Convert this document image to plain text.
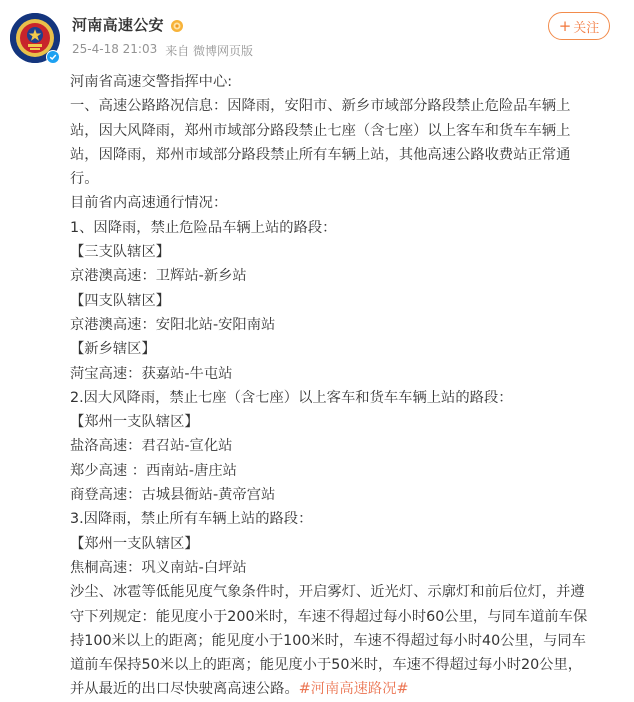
河南高速公安
25-4-18 21:03 来自 微博网页版
+ 关注
河南省高速交警指挥中心:
一、高速公路路况信息：因降雨，安阳市、新乡市域部分路段禁止危险品车辆上
站，因大风降雨，郑州市域部分路段禁止七座（含七座）以上客车和货车车辆上
站，因降雨，郑州市域部分路段禁止所有车辆上站，其他高速公路收费站正常通
行。
目前省内高速通行情况：
1、因降雨，禁止危险品车辆上站的路段：
【三支队辖区】
京港澳高速：卫辉站-新乡站
【四支队辖区】
京港澳高速：安阳北站-安阳南站
【新乡辖区】
菏宝高速：获嘉站-牛屯站
2.因大风降雨，禁止七座（含七座）以上客车和货车车辆上站的路段：
【郑州一支队辖区】
盐洛高速：君召站-宣化站
郑少高速 ：西南站-唐庄站
商登高速：古城县衙站-黄帝宫站
3.因降雨，禁止所有车辆上站的路段：
【郑州一支队辖区】
焦桐高速：巩义南站-白坪站
沙尘、冰雹等低能见度气象条件时，开启雾灯、近光灯、示廓灯和前后位灯，并遵
守下列规定：能见度小于200米时，车速不得超过每小时60公里，与同车道前车保
持100米以上的距离；能见度小于100米时，车速不得超过每小时40公里，与同车
道前车保持50米以上的距离；能见度小于50米时，车速不得超过每小时20公里，
并从最近的出口尽快驶离高速公路。#河南高速路况#
